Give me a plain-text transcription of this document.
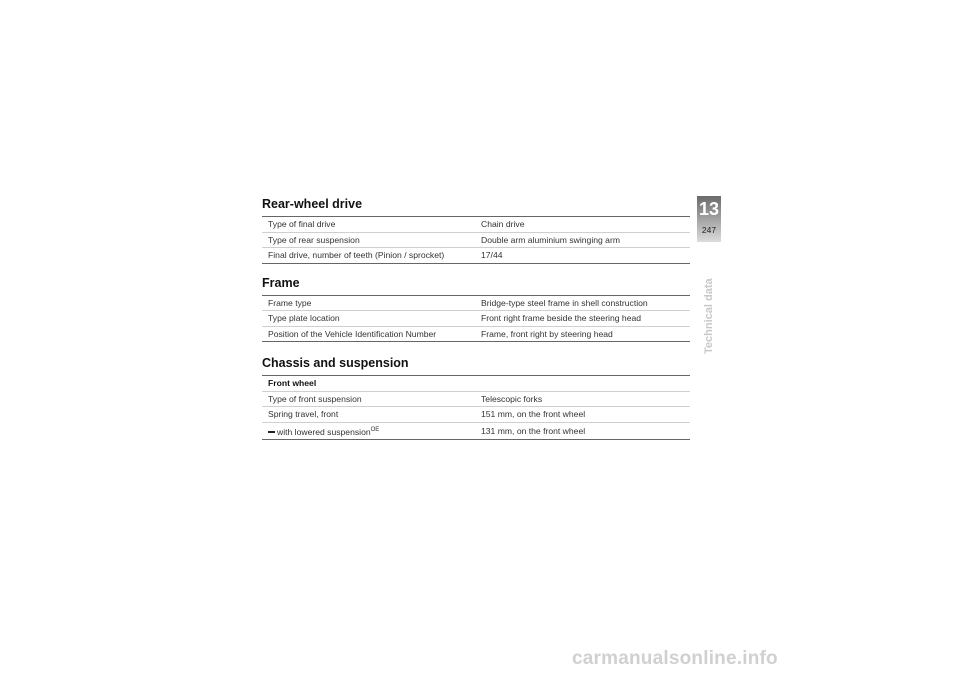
Rear-wheel drive
Type of final drive	Chain drive
Type of rear suspension	Double arm aluminium swinging arm
Final drive, number of teeth (Pinion / sprocket)	17/44
Frame
Frame type	Bridge-type steel frame in shell construction
Type plate location	Front right frame beside the steering head
Position of the Vehicle Identification Number	Frame, front right by steering head
Chassis and suspension
Front wheel	
Type of front suspension	Telescopic forks
Spring travel, front	151 mm, on the front wheel
with lowered suspension$^{OE}$	131 mm, on the front wheel
13
247
Technical data
carmanualsonline.info
